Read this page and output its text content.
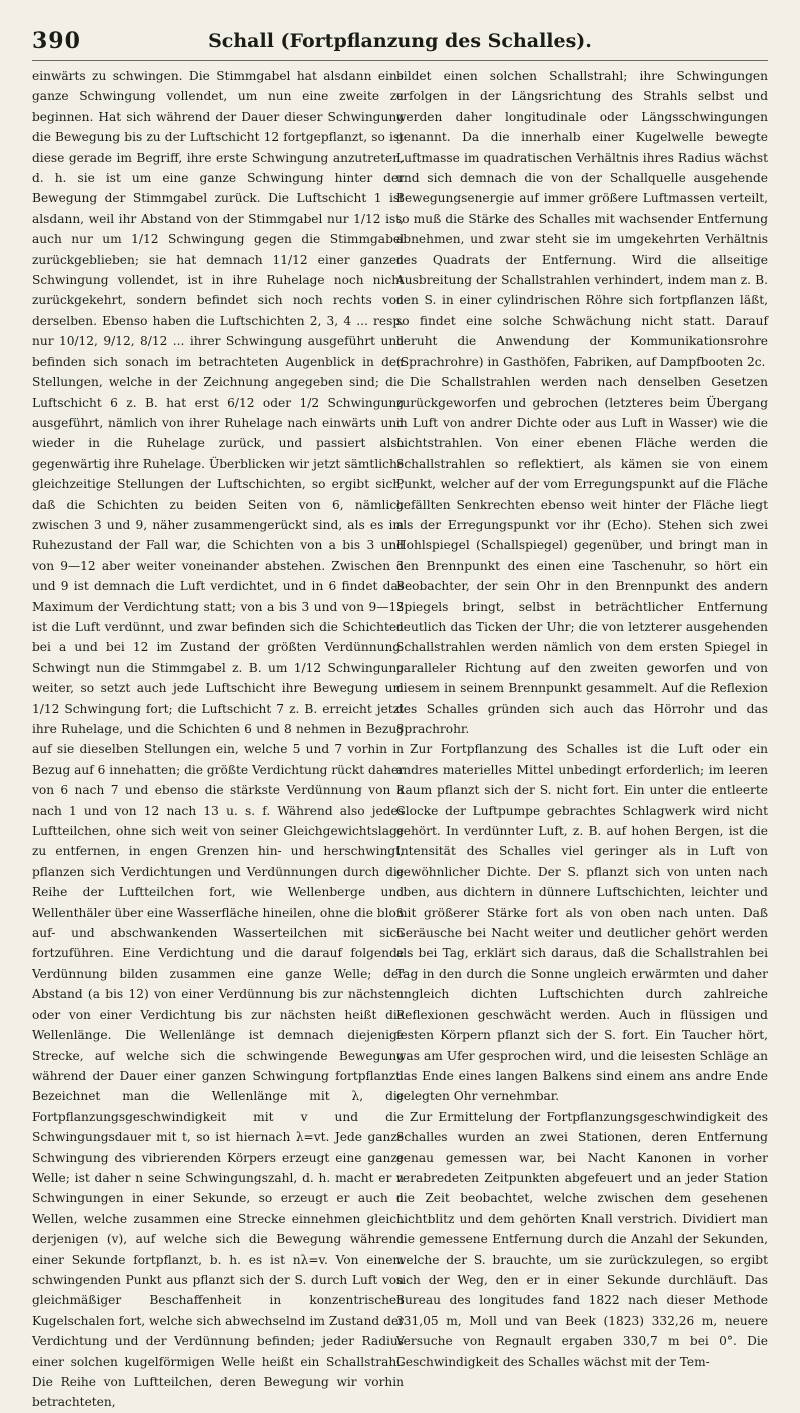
390	Schall (Fortpflanzung des Schalles).

einwärts zu schwingen. Die Stimmgabel hat alsdann eine ganze Schwingung vollendet, um nun eine zweite zu beginnen. Hat sich während der Dauer dieser Schwingung die Bewegung bis zu der Luftschicht 12 fortgepflanzt, so ist diese gerade im Begriff, ihre erste Schwingung anzutreten, d. h. sie ist um eine ganze Schwingung hinter der Bewegung der Stimmgabel zurück. Die Luftschicht 1 ist alsdann, weil ihr Abstand von der Stimmgabel nur 1/12 ist, auch nur um 1/12 Schwingung gegen die Stimmgabel zurückgeblieben; sie hat demnach 11/12 einer ganzen Schwingung vollendet, ist in ihre Ruhelage noch nicht zurückgekehrt, sondern befindet sich noch rechts von derselben. Ebenso haben die Luftschichten 2, 3, 4 ... resp. nur 10/12, 9/12, 8/12 ... ihrer Schwingung ausgeführt und befinden sich sonach im betrachteten Augenblick in den Stellungen, welche in der Zeichnung angegeben sind; die Luftschicht 6 z. B. hat erst 6/12 oder 1/2 Schwingung ausgeführt, nämlich von ihrer Ruhelage nach einwärts und wieder in die Ruhelage zurück, und passiert also gegenwärtig ihre Ruhelage. Überblicken wir jetzt sämtliche gleichzeitige Stellungen der Luftschichten, so ergibt sich, daß die Schichten zu beiden Seiten von 6, nämlich zwischen 3 und 9, näher zusammengerückt sind, als es im Ruhezustand der Fall war, die Schichten von a bis 3 und von 9—12 aber weiter voneinander abstehen. Zwischen 3 und 9 ist demnach die Luft verdichtet, und in 6 findet das Maximum der Verdichtung statt; von a bis 3 und von 9—12 ist die Luft verdünnt, und zwar befinden sich die Schichten bei a und bei 12 im Zustand der größten Verdünnung. Schwingt nun die Stimmgabel z. B. um 1/12 Schwingung weiter, so setzt auch jede Luftschicht ihre Bewegung um 1/12 Schwingung fort; die Luftschicht 7 z. B. erreicht jetzt ihre Ruhelage, und die Schichten 6 und 8 nehmen in Bezug auf sie dieselben Stellungen ein, welche 5 und 7 vorhin in Bezug auf 6 innehatten; die größte Verdichtung rückt daher von 6 nach 7 und ebenso die stärkste Verdünnung von a nach 1 und von 12 nach 13 u. s. f. Während also jedes Luftteilchen, ohne sich weit von seiner Gleichgewichtslage zu entfernen, in engen Grenzen hin- und herschwingt, pflanzen sich Verdichtungen und Verdünnungen durch die Reihe der Luftteilchen fort, wie Wellenberge und Wellenthäler über eine Wasserfläche hineilen, ohne die bloß auf- und abschwankenden Wasserteilchen mit sich fortzuführen. Eine Verdichtung und die darauf folgende Verdünnung bilden zusammen eine ganze Welle; der Abstand (a bis 12) von einer Verdünnung bis zur nächsten oder von einer Verdichtung bis zur nächsten heißt die Wellenlänge. Die Wellenlänge ist demnach diejenige Strecke, auf welche sich die schwingende Bewegung während der Dauer einer ganzen Schwingung fortpflanzt. Bezeichnet man die Wellenlänge mit λ, die Fortpflanzungsgeschwindigkeit mit v und die Schwingungsdauer mit t, so ist hiernach λ=vt. Jede ganze Schwingung des vibrierenden Körpers erzeugt eine ganze Welle; ist daher n seine Schwingungszahl, d. h. macht er n Schwingungen in einer Sekunde, so erzeugt er auch n Wellen, welche zusammen eine Strecke einnehmen gleich derjenigen (v), auf welche sich die Bewegung während einer Sekunde fortpflanzt, b. h. es ist nλ=v. Von einem schwingenden Punkt aus pflanzt sich der S. durch Luft von gleichmäßiger Beschaffenheit in konzentrischen Kugelschalen fort, welche sich abwechselnd im Zustand der Verdichtung und der Verdünnung befinden; jeder Radius einer solchen kugelförmigen Welle heißt ein Schallstrahl. Die Reihe von Luftteilchen, deren Bewegung wir vorhin betrachteten,

bildet einen solchen Schallstrahl; ihre Schwingungen erfolgen in der Längsrichtung des Strahls selbst und werden daher longitudinale oder Längsschwingungen genannt. Da die innerhalb einer Kugelwelle bewegte Luftmasse im quadratischen Verhältnis ihres Radius wächst und sich demnach die von der Schallquelle ausgehende Bewegungsenergie auf immer größere Luftmassen verteilt, so muß die Stärke des Schalles mit wachsender Entfernung abnehmen, und zwar steht sie im umgekehrten Verhältnis des Quadrats der Entfernung. Wird die allseitige Ausbreitung der Schallstrahlen verhindert, indem man z. B. den S. in einer cylindrischen Röhre sich fortpflanzen läßt, so findet eine solche Schwächung nicht statt. Darauf beruht die Anwendung der Kommunikationsrohre (Sprachrohre) in Gasthöfen, Fabriken, auf Dampfbooten 2c.

Die Schallstrahlen werden nach denselben Gesetzen zurückgeworfen und gebrochen (letzteres beim Übergang in Luft von andrer Dichte oder aus Luft in Wasser) wie die Lichtstrahlen. Von einer ebenen Fläche werden die Schallstrahlen so reflektiert, als kämen sie von einem Punkt, welcher auf der vom Erregungspunkt auf die Fläche gefällten Senkrechten ebenso weit hinter der Fläche liegt als der Erregungspunkt vor ihr (Echo). Stehen sich zwei Hohlspiegel (Schallspiegel) gegenüber, und bringt man in den Brennpunkt des einen eine Taschenuhr, so hört ein Beobachter, der sein Ohr in den Brennpunkt des andern Spiegels bringt, selbst in beträchtlicher Entfernung deutlich das Ticken der Uhr; die von letzterer ausgehenden Schallstrahlen werden nämlich von dem ersten Spiegel in paralleler Richtung auf den zweiten geworfen und von diesem in seinem Brennpunkt gesammelt. Auf die Reflexion des Schalles gründen sich auch das Hörrohr und das Sprachrohr.

Zur Fortpflanzung des Schalles ist die Luft oder ein andres materielles Mittel unbedingt erforderlich; im leeren Raum pflanzt sich der S. nicht fort. Ein unter die entleerte Glocke der Luftpumpe gebrachtes Schlagwerk wird nicht gehört. In verdünnter Luft, z. B. auf hohen Bergen, ist die Intensität des Schalles viel geringer als in Luft von gewöhnlicher Dichte. Der S. pflanzt sich von unten nach oben, aus dichtern in dünnere Luftschichten, leichter und mit größerer Stärke fort als von oben nach unten. Daß Geräusche bei Nacht weiter und deutlicher gehört werden als bei Tag, erklärt sich daraus, daß die Schallstrahlen bei Tag in den durch die Sonne ungleich erwärmten und daher ungleich dichten Luftschichten durch zahlreiche Reflexionen geschwächt werden. Auch in flüssigen und festen Körpern pflanzt sich der S. fort. Ein Taucher hört, was am Ufer gesprochen wird, und die leisesten Schläge an das Ende eines langen Balkens sind einem ans andre Ende gelegten Ohr vernehmbar.

Zur Ermittelung der Fortpflanzungsgeschwindigkeit des Schalles wurden an zwei Stationen, deren Entfernung genau gemessen war, bei Nacht Kanonen in vorher verabredeten Zeitpunkten abgefeuert und an jeder Station die Zeit beobachtet, welche zwischen dem gesehenen Lichtblitz und dem gehörten Knall verstrich. Dividiert man die gemessene Entfernung durch die Anzahl der Sekunden, welche der S. brauchte, um sie zurückzulegen, so ergibt sich der Weg, den er in einer Sekunde durchläuft. Das Bureau des longitudes fand 1822 nach dieser Methode 331,05 m, Moll und van Beek (1823) 332,26 m, neuere Versuche von Regnault ergaben 330,7 m bei 0°. Die Geschwindigkeit des Schalles wächst mit der Tem-
